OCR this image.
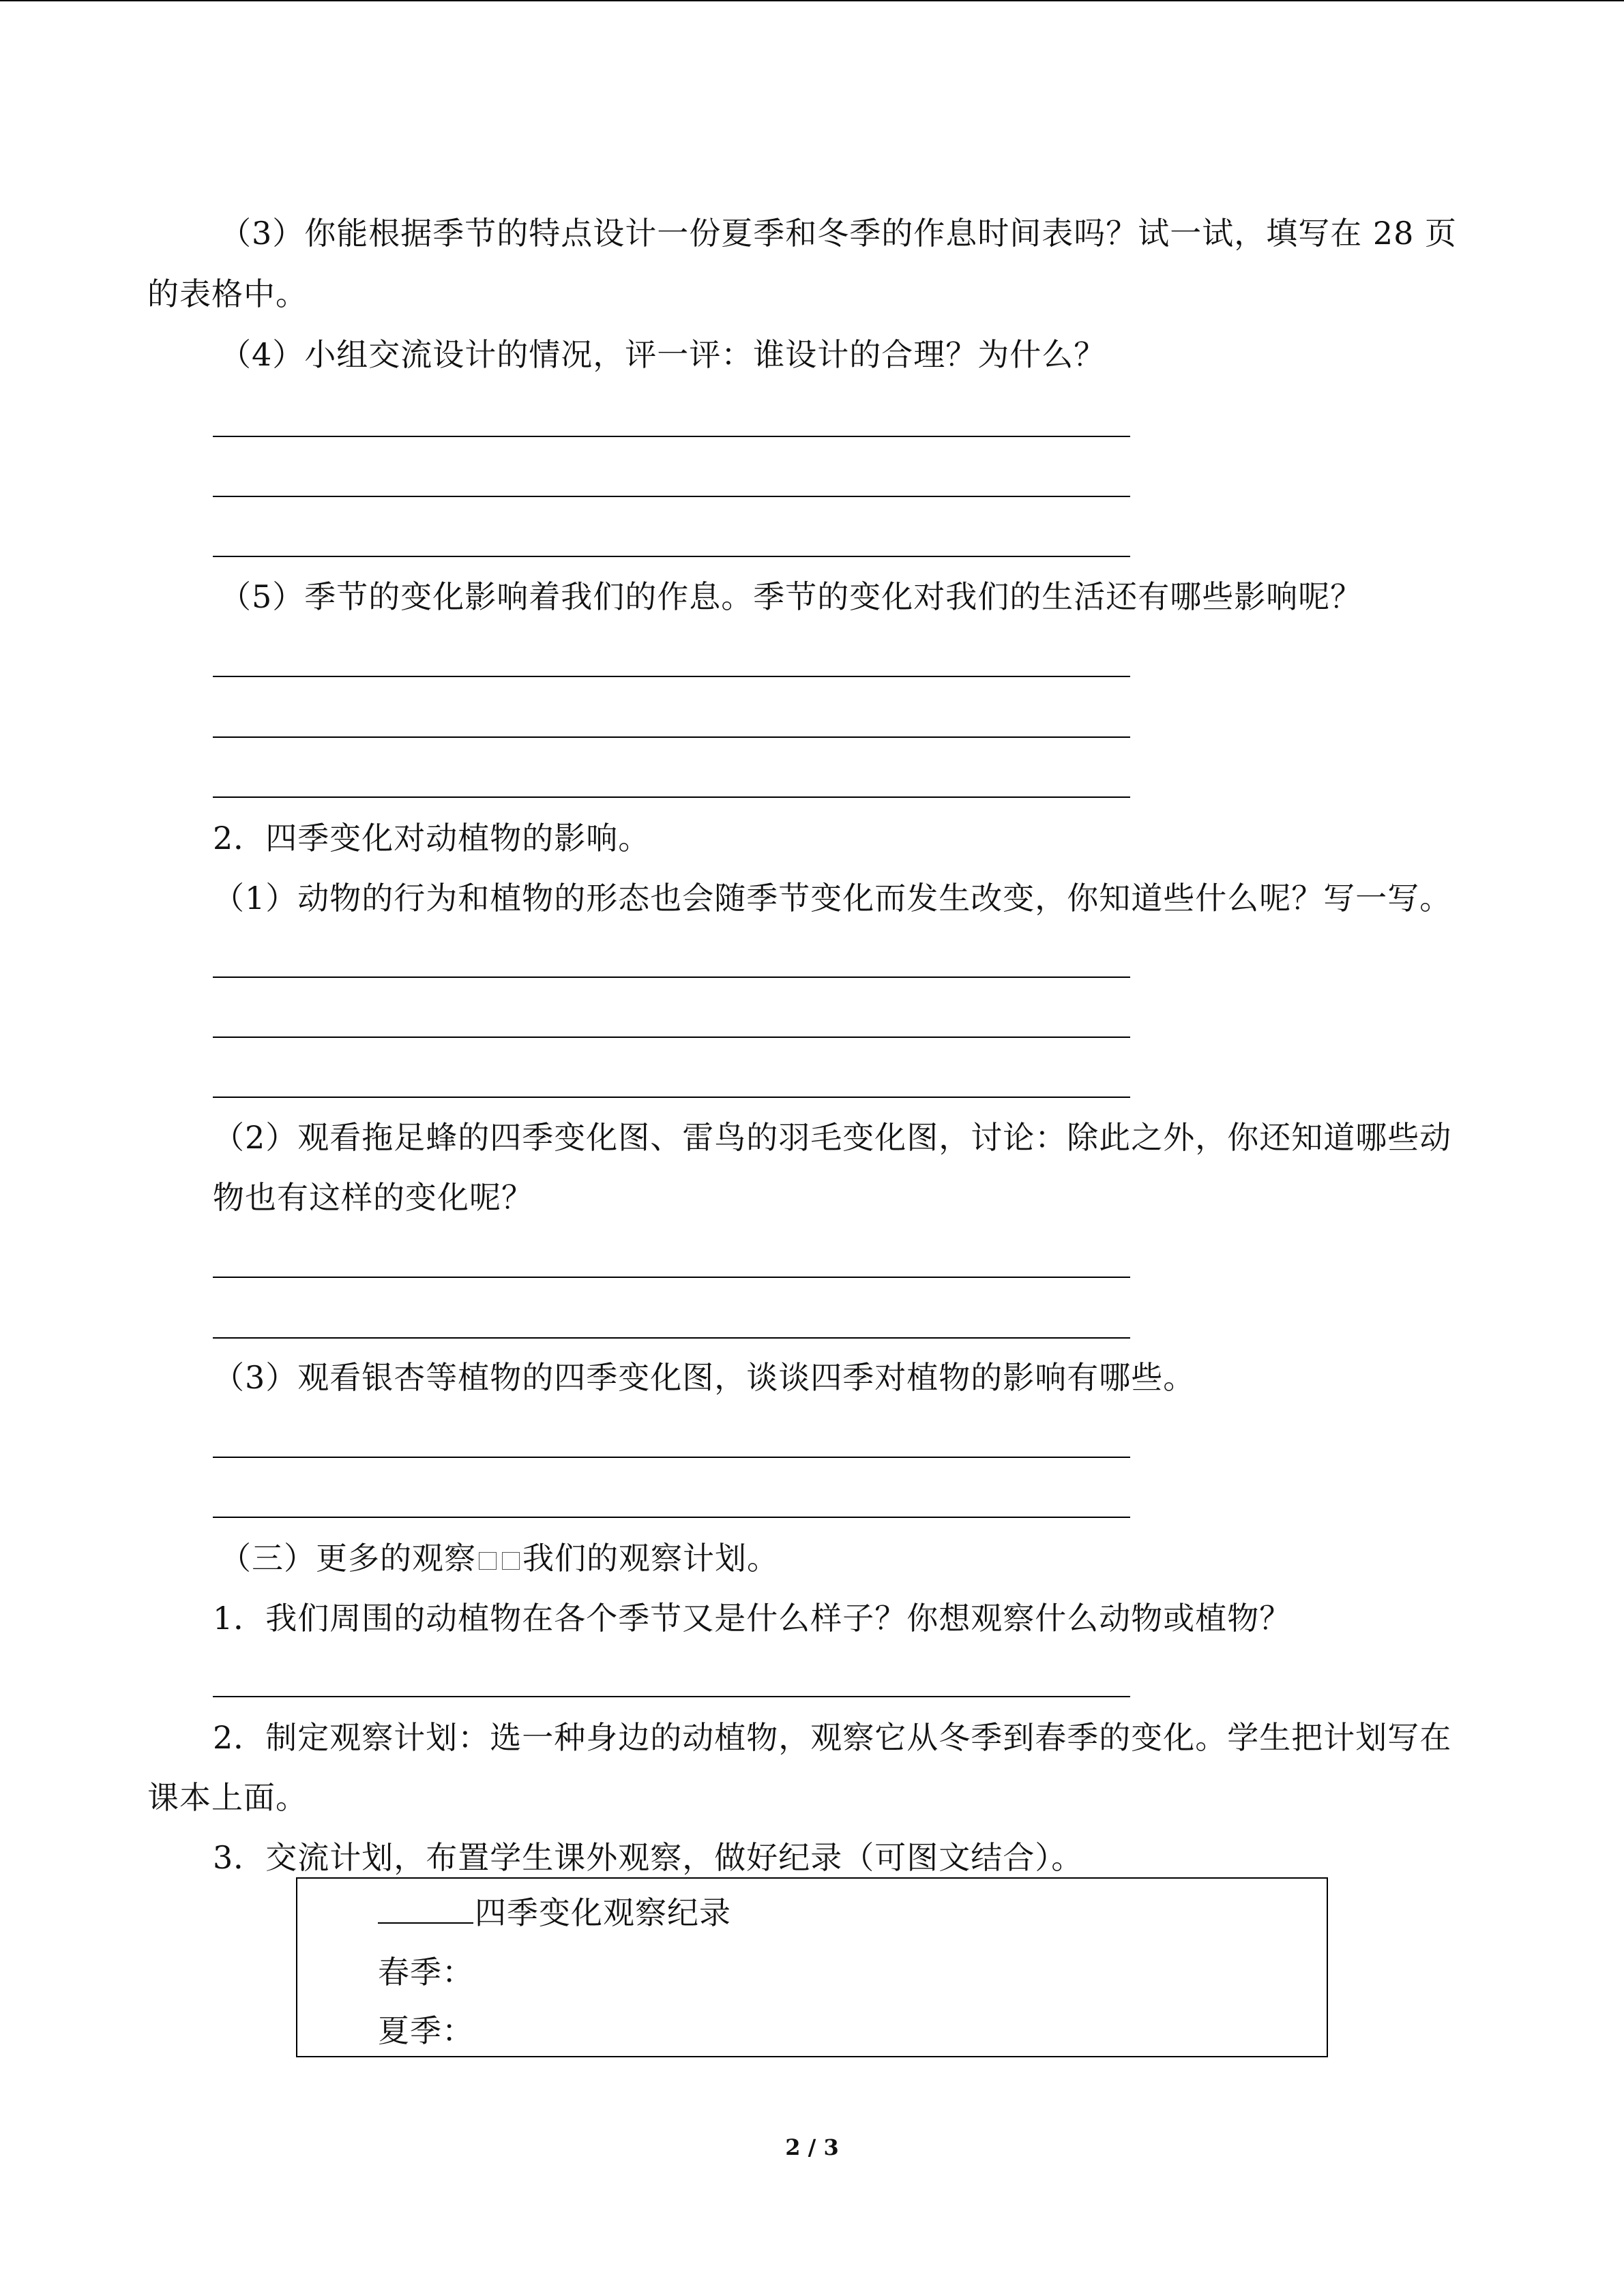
（3）你能根据季节的特点设计一份夏季和冬季的作息时间表吗？试一试，填写在 28 页
的表格中。
（4）小组交流设计的情况，评一评：谁设计的合理？为什么？
（5）季节的变化影响着我们的作息。季节的变化对我们的生活还有哪些影响呢？
2．四季变化对动植物的影响。
（1）动物的行为和植物的形态也会随季节变化而发生改变，你知道些什么呢？写一写。
（2）观看拖足蜂的四季变化图、雷鸟的羽毛变化图，讨论：除此之外，你还知道哪些动
物也有这样的变化呢？
（3）观看银杏等植物的四季变化图，谈谈四季对植物的影响有哪些。
（三）更多的观察 我们的观察计划。
1．我们周围的动植物在各个季节又是什么样子？你想观察什么动物或植物？
2．制定观察计划：选一种身边的动植物，观察它从冬季到春季的变化。学生把计划写在
课本上面。
3．交流计划，布置学生课外观察，做好纪录（可图文结合）。
四季变化观察纪录
春季：
夏季：
2 / 3
